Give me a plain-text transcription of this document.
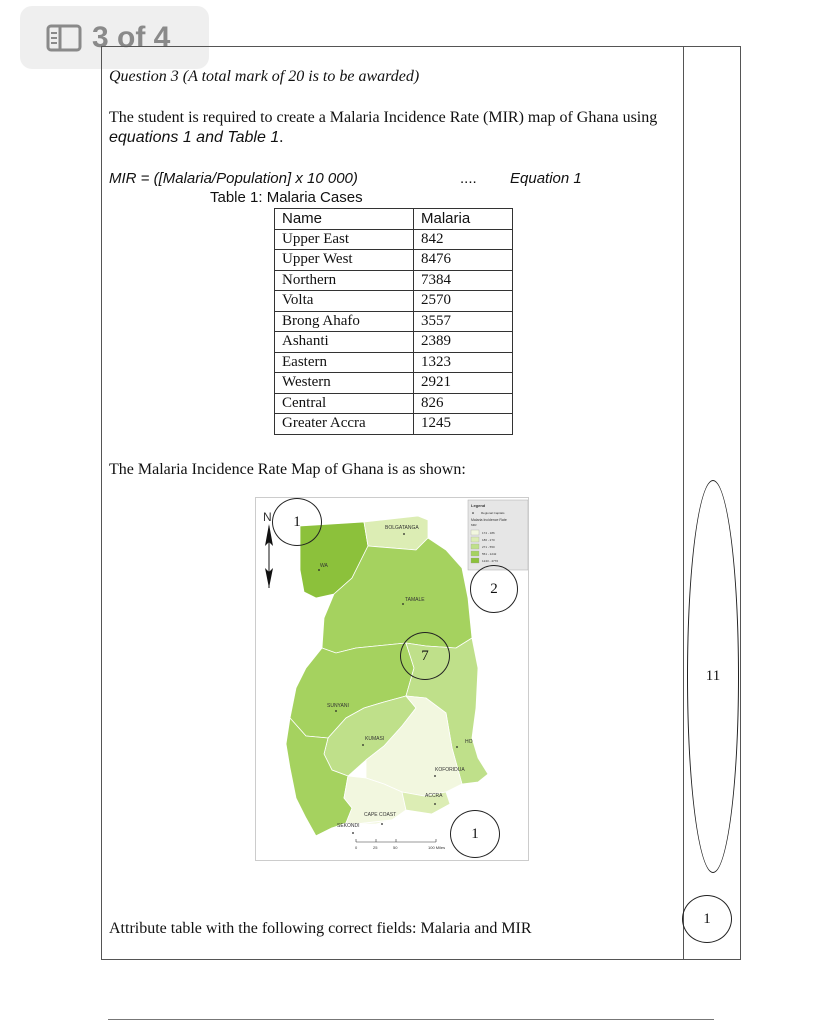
3 of 4
Question 3 (A total mark of 20 is to be awarded)
The student is required to create a Malaria Incidence Rate (MIR) map of Ghana using equations 1 and Table 1.
MIR = ([Malaria/Population] x 10 000)	.... Equation 1
Table 1: Malaria Cases
Name	Malaria
Upper East	842
Upper West	8476
Northern	7384
Volta	2570
Brong Ahafo	3557
Ashanti	2389
Eastern	1323
Western	2921
Central	826
Greater Accra	1245
The Malaria Incidence Rate Map of Ghana is as shown:
N
BOLGATANGA
WA
TAMALE
SUNYANI
KUMASI	HO
KOFORIDUA
ACCRA
CAPE COAST
SEKONDI
Legend
Regional Capitals
Malaria Incidence Rate
MIR
174 - 186
186 - 270
271 - 550
551 - 1242
1243 - 4776
0	25	50	100 Miles
1
2
7
1
11
1
Attribute table with the following correct fields: Malaria and MIR
